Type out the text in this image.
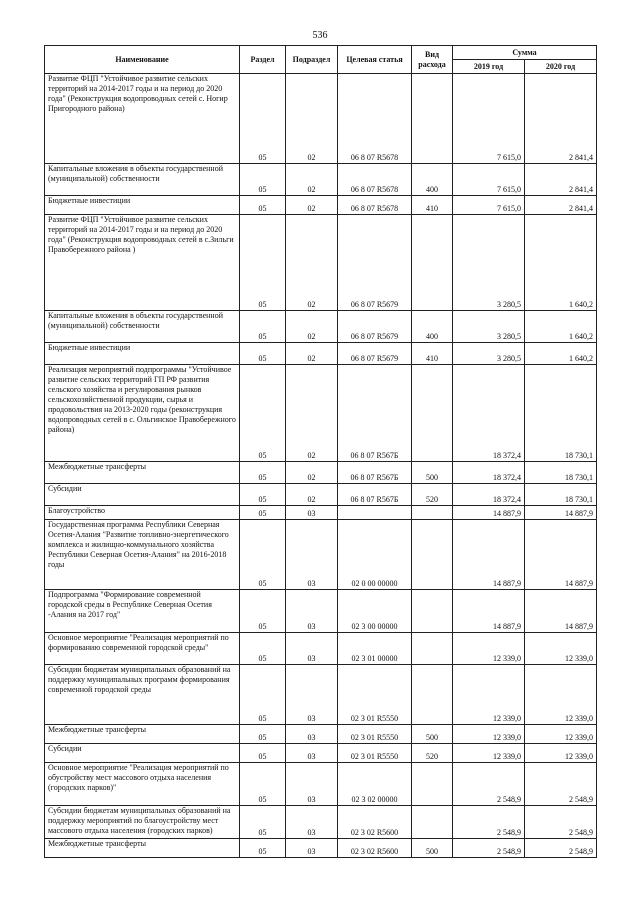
536
Наименование	Раздел	Подраздел	Целевая статья	Вид расхода	Сумма	
					2019 год	2020 год

Развитие ФЦП "Устойчивое развитие сельских территорий на 2014-2017 годы и на период до 2020 года" (Реконструкция водопроводных сетей с. Ногир Пригородного района)	05	02	06 8 07 R5678		7 615,0	2 841,4

Капитальные вложения в объекты государственной (муниципальной) собственности	05	02	06 8 07 R5678	400	7 615,0	2 841,4

Бюджетные инвестиции	05	02	06 8 07 R5678	410	7 615,0	2 841,4

Развитие ФЦП "Устойчивое развитие сельских территорий на 2014-2017 годы и на период до 2020 года" (Реконструкция водопроводных сетей в с.Зильги Правобережного района )	05	02	06 8 07 R5679		3 280,5	1 640,2

Капитальные вложения в объекты государственной (муниципальной) собственности	05	02	06 8 07 R5679	400	3 280,5	1 640,2

Бюджетные инвестиции	05	02	06 8 07 R5679	410	3 280,5	1 640,2

Реализация мероприятий подпрограммы "Устойчивое развитие сельских территорий ГП РФ развития сельского хозяйства и регулирования рынков сельскохозяйственной продукции, сырья и продовольствия на 2013-2020 годы (реконструкция водопроводных сетей в с. Ольгинское Правобережного района)	05	02	06 8 07 R567Б		18 372,4	18 730,1

Межбюджетные трансферты	05	02	06 8 07 R567Б	500	18 372,4	18 730,1

Субсидии	05	02	06 8 07 R567Б	520	18 372,4	18 730,1

Благоустройство	05	03			14 887,9	14 887,9

Государственная программа Республики Северная Осетия-Алания "Развитие топливно-энергетического комплекса и жилищно-коммунального хозяйства Республики Северная Осетия-Алания" на 2016-2018 годы	05	03	02 0 00 00000		14 887,9	14 887,9

Подпрограмма "Формирование современной городской среды в Республике Северная Осетия -Алания на 2017 год"	05	03	02 3 00 00000		14 887,9	14 887,9

Основное мероприятие "Реализация мероприятий по формированию современной городской среды"	05	03	02 3 01 00000		12 339,0	12 339,0

Субсидии бюджетам муниципальных образований на поддержку муниципальных программ формирования современной городской среды	05	03	02 3 01 R5550		12 339,0	12 339,0

Межбюджетные трансферты	05	03	02 3 01 R5550	500	12 339,0	12 339,0

Субсидии	05	03	02 3 01 R5550	520	12 339,0	12 339,0

Основное мероприятие "Реализация мероприятий по обустройству мест массового отдыха населения (городских парков)"	05	03	02 3 02 00000		2 548,9	2 548,9

Субсидии бюджетам муниципальных образований на поддержку мероприятий по благоустройству мест массового отдыха населения (городских парков)	05	03	02 3 02 R5600		2 548,9	2 548,9

Межбюджетные трансферты	05	03	02 3 02 R5600	500	2 548,9	2 548,9
